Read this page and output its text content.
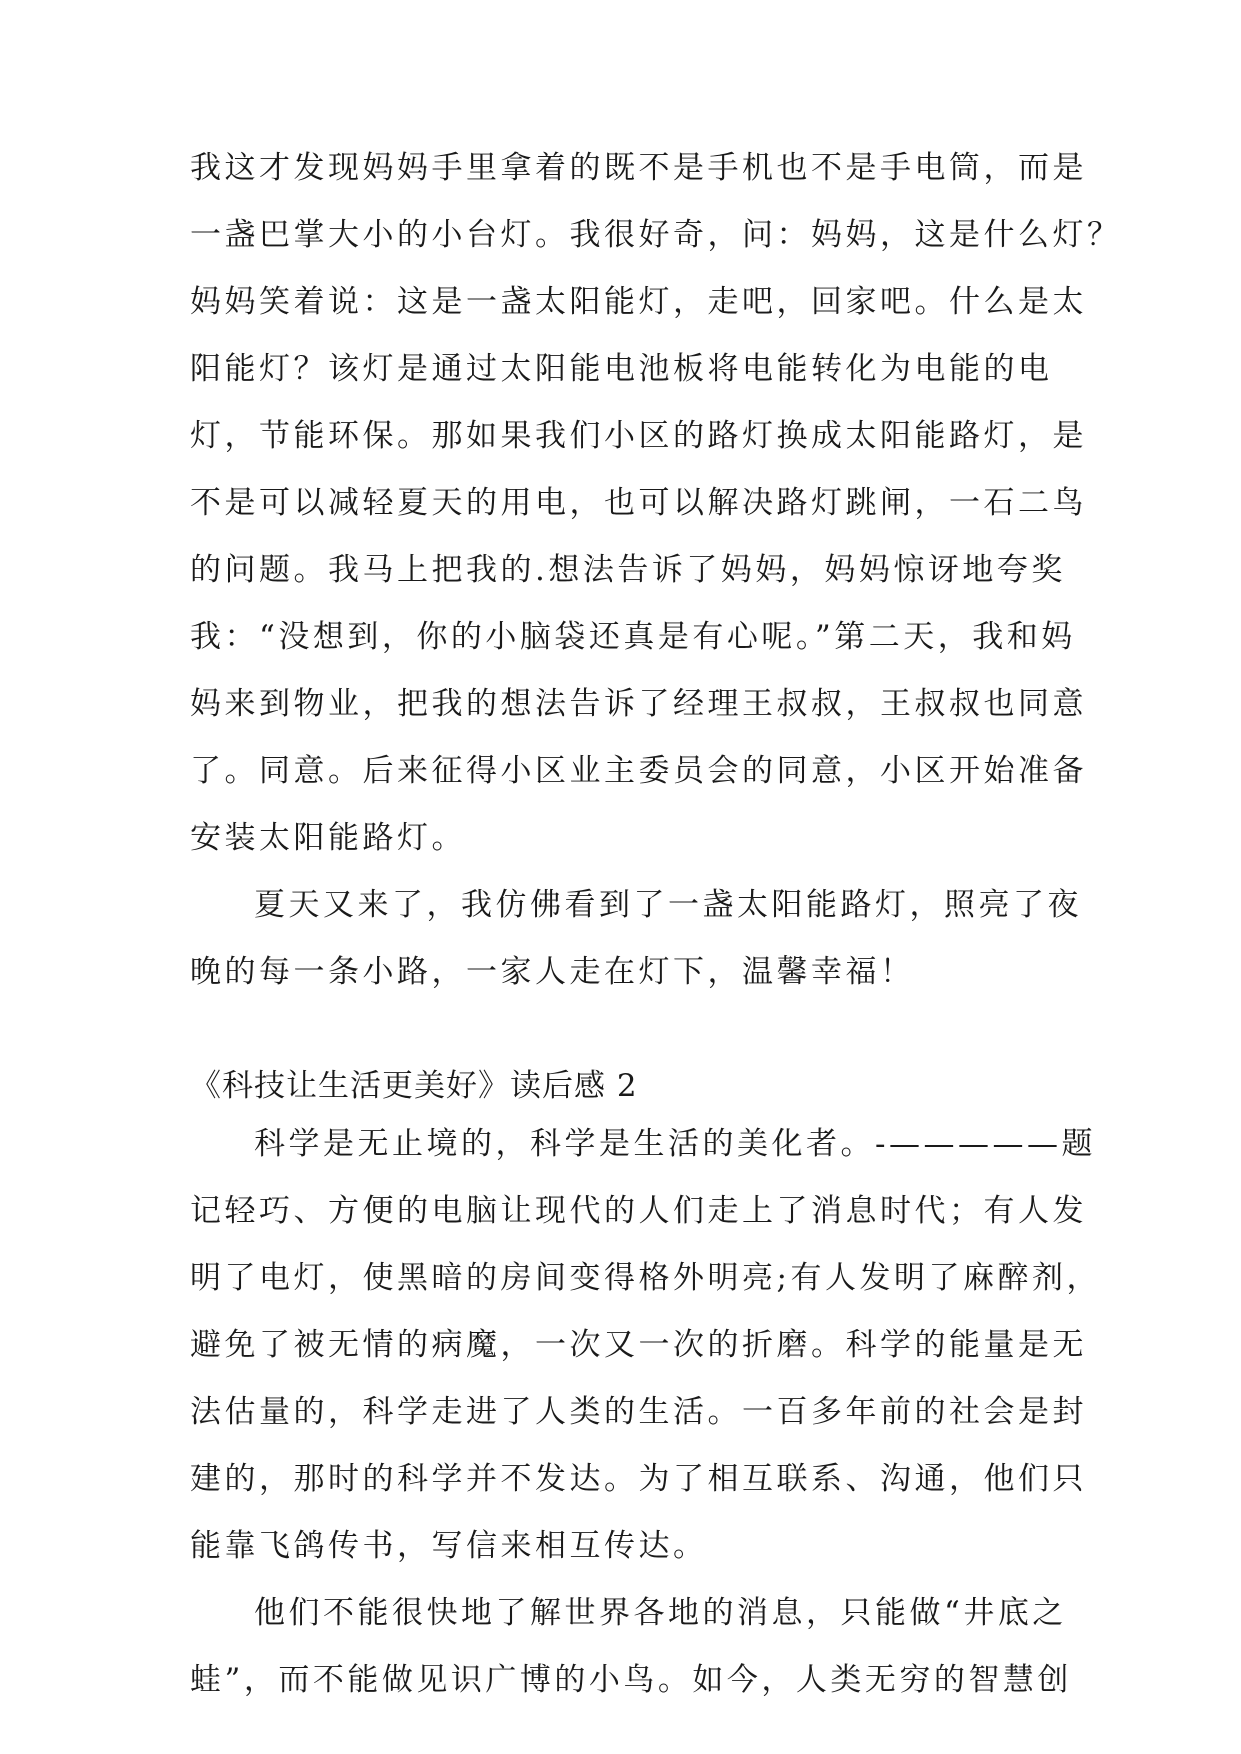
我这才发现妈妈手里拿着的既不是手机也不是手电筒，而是
一盏巴掌大小的小台灯。我很好奇，问：妈妈，这是什么灯？
妈妈笑着说：这是一盏太阳能灯，走吧，回家吧。什么是太
阳能灯？该灯是通过太阳能电池板将电能转化为电能的电
灯，节能环保。那如果我们小区的路灯换成太阳能路灯，是
不是可以减轻夏天的用电，也可以解决路灯跳闸，一石二鸟
的问题。我马上把我的.想法告诉了妈妈，妈妈惊讶地夸奖
我：“没想到，你的小脑袋还真是有心呢。”第二天，我和妈
妈来到物业，把我的想法告诉了经理王叔叔，王叔叔也同意
了。同意。后来征得小区业主委员会的同意，小区开始准备
安装太阳能路灯。
夏天又来了，我仿佛看到了一盏太阳能路灯，照亮了夜
晚的每一条小路，一家人走在灯下，温馨幸福！
《科技让生活更美好》读后感 2
科学是无止境的，科学是生活的美化者。-—————题
记轻巧、方便的电脑让现代的人们走上了消息时代；有人发
明了电灯，使黑暗的房间变得格外明亮;有人发明了麻醉剂，
避免了被无情的病魔，一次又一次的折磨。科学的能量是无
法估量的，科学走进了人类的生活。一百多年前的社会是封
建的，那时的科学并不发达。为了相互联系、沟通，他们只
能靠飞鸽传书，写信来相互传达。
他们不能很快地了解世界各地的消息，只能做“井底之
蛙”，而不能做见识广博的小鸟。如今，人类无穷的智慧创
